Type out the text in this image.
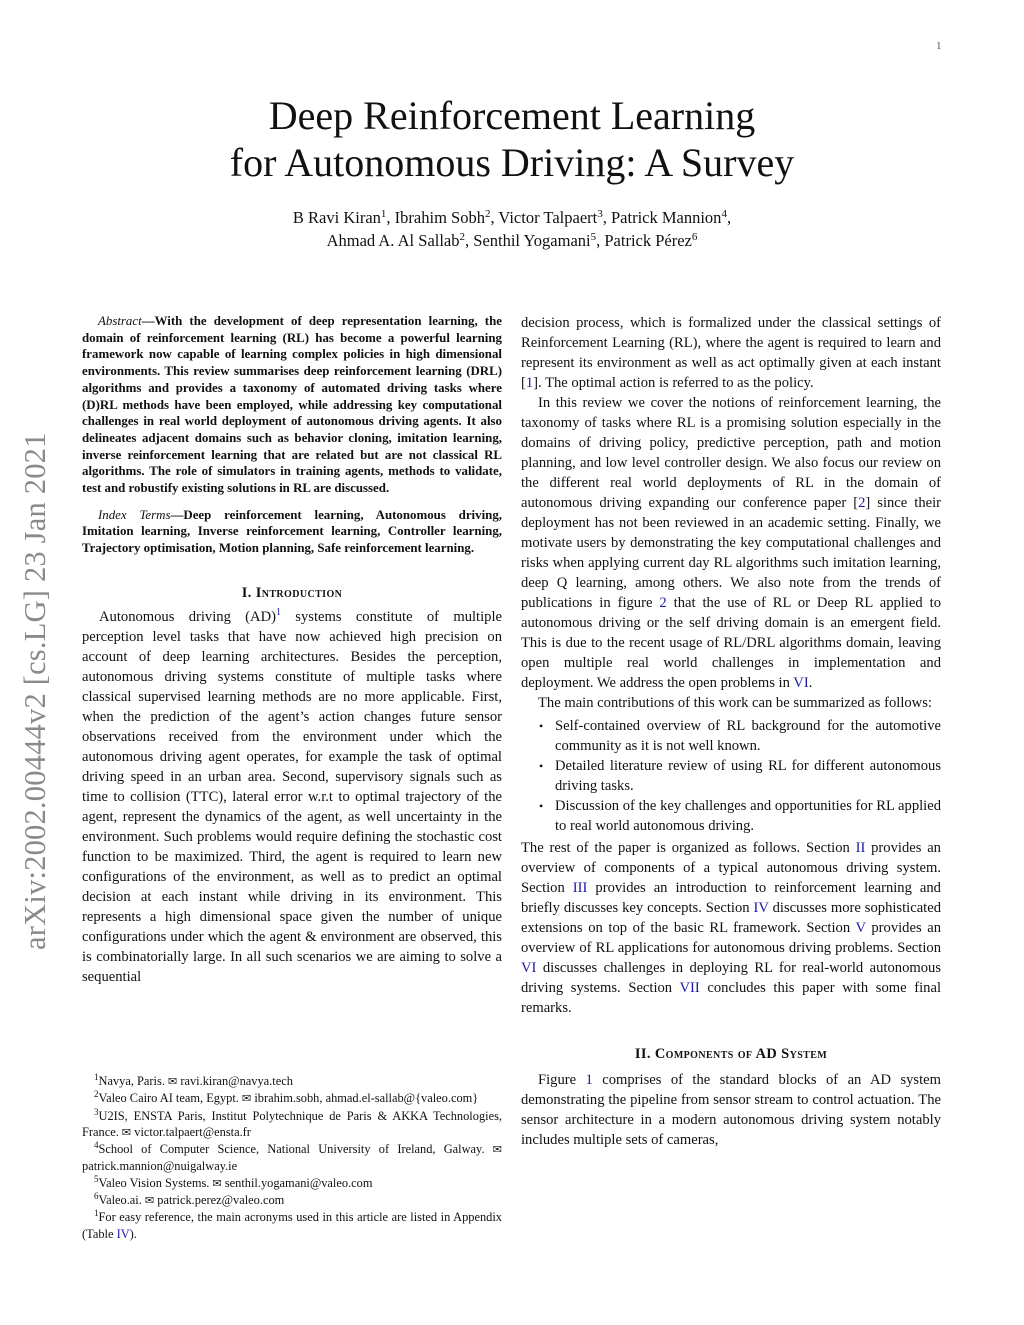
1
arXiv:2002.00444v2 [cs.LG] 23 Jan 2021
Deep Reinforcement Learning
for Autonomous Driving: A Survey
B Ravi Kiran$^1$, Ibrahim Sobh$^2$, Victor Talpaert$^3$, Patrick Mannion$^4$,
Ahmad A. Al Sallab$^2$, Senthil Yogamani$^5$, Patrick Pérez$^6$

Abstract—With the development of deep representation learning, the domain of reinforcement learning (RL) has become a powerful learning framework now capable of learning complex policies in high dimensional environments. This review summarises deep reinforcement learning (DRL) algorithms and provides a taxonomy of automated driving tasks where (D)RL methods have been employed, while addressing key computational challenges in real world deployment of autonomous driving agents. It also delineates adjacent domains such as behavior cloning, imitation learning, inverse reinforcement learning that are related but are not classical RL algorithms. The role of simulators in training agents, methods to validate, test and robustify existing solutions in RL are discussed.

Index Terms—Deep reinforcement learning, Autonomous driving, Imitation learning, Inverse reinforcement learning, Controller learning, Trajectory optimisation, Motion planning, Safe reinforcement learning.

I. Introduction

Autonomous driving (AD)$^1$ systems constitute of multiple perception level tasks that have now achieved high precision on account of deep learning architectures. Besides the perception, autonomous driving systems constitute of multiple tasks where classical supervised learning methods are no more applicable. First, when the prediction of the agent’s action changes future sensor observations received from the environment under which the autonomous driving agent operates, for example the task of optimal driving speed in an urban area. Second, supervisory signals such as time to collision (TTC), lateral error w.r.t to optimal trajectory of the agent, represent the dynamics of the agent, as well uncertainty in the environment. Such problems would require defining the stochastic cost function to be maximized. Third, the agent is required to learn new configurations of the environment, as well as to predict an optimal decision at each instant while driving in its environment. This represents a high dimensional space given the number of unique configurations under which the agent & environment are observed, this is combinatorially large. In all such scenarios we are aiming to solve a sequential

$^1$Navya, Paris. ✉ ravi.kiran@navya.tech

$^2$Valeo Cairo AI team, Egypt. ✉ ibrahim.sobh, ahmad.el-sallab@{valeo.com}

$^3$U2IS, ENSTA Paris, Institut Polytechnique de Paris & AKKA Technologies, France. ✉ victor.talpaert@ensta.fr

$^4$School of Computer Science, National University of Ireland, Galway. ✉ patrick.mannion@nuigalway.ie

$^5$Valeo Vision Systems. ✉ senthil.yogamani@valeo.com

$^6$Valeo.ai. ✉ patrick.perez@valeo.com

$^1$For easy reference, the main acronyms used in this article are listed in Appendix (Table IV).

decision process, which is formalized under the classical settings of Reinforcement Learning (RL), where the agent is required to learn and represent its environment as well as act optimally given at each instant [1]. The optimal action is referred to as the policy.

In this review we cover the notions of reinforcement learning, the taxonomy of tasks where RL is a promising solution especially in the domains of driving policy, predictive perception, path and motion planning, and low level controller design. We also focus our review on the different real world deployments of RL in the domain of autonomous driving expanding our conference paper [2] since their deployment has not been reviewed in an academic setting. Finally, we motivate users by demonstrating the key computational challenges and risks when applying current day RL algorithms such imitation learning, deep Q learning, among others. We also note from the trends of publications in figure 2 that the use of RL or Deep RL applied to autonomous driving or the self driving domain is an emergent field. This is due to the recent usage of RL/DRL algorithms domain, leaving open multiple real world challenges in implementation and deployment. We address the open problems in VI.

The main contributions of this work can be summarized as follows:

• Self-contained overview of RL background for the automotive community as it is not well known.
• Detailed literature review of using RL for different autonomous driving tasks.
• Discussion of the key challenges and opportunities for RL applied to real world autonomous driving.

The rest of the paper is organized as follows. Section II provides an overview of components of a typical autonomous driving system. Section III provides an introduction to reinforcement learning and briefly discusses key concepts. Section IV discusses more sophisticated extensions on top of the basic RL framework. Section V provides an overview of RL applications for autonomous driving problems. Section VI discusses challenges in deploying RL for real-world autonomous driving systems. Section VII concludes this paper with some final remarks.

II. Components of AD System

Figure 1 comprises of the standard blocks of an AD system demonstrating the pipeline from sensor stream to control actuation. The sensor architecture in a modern autonomous driving system notably includes multiple sets of cameras,
